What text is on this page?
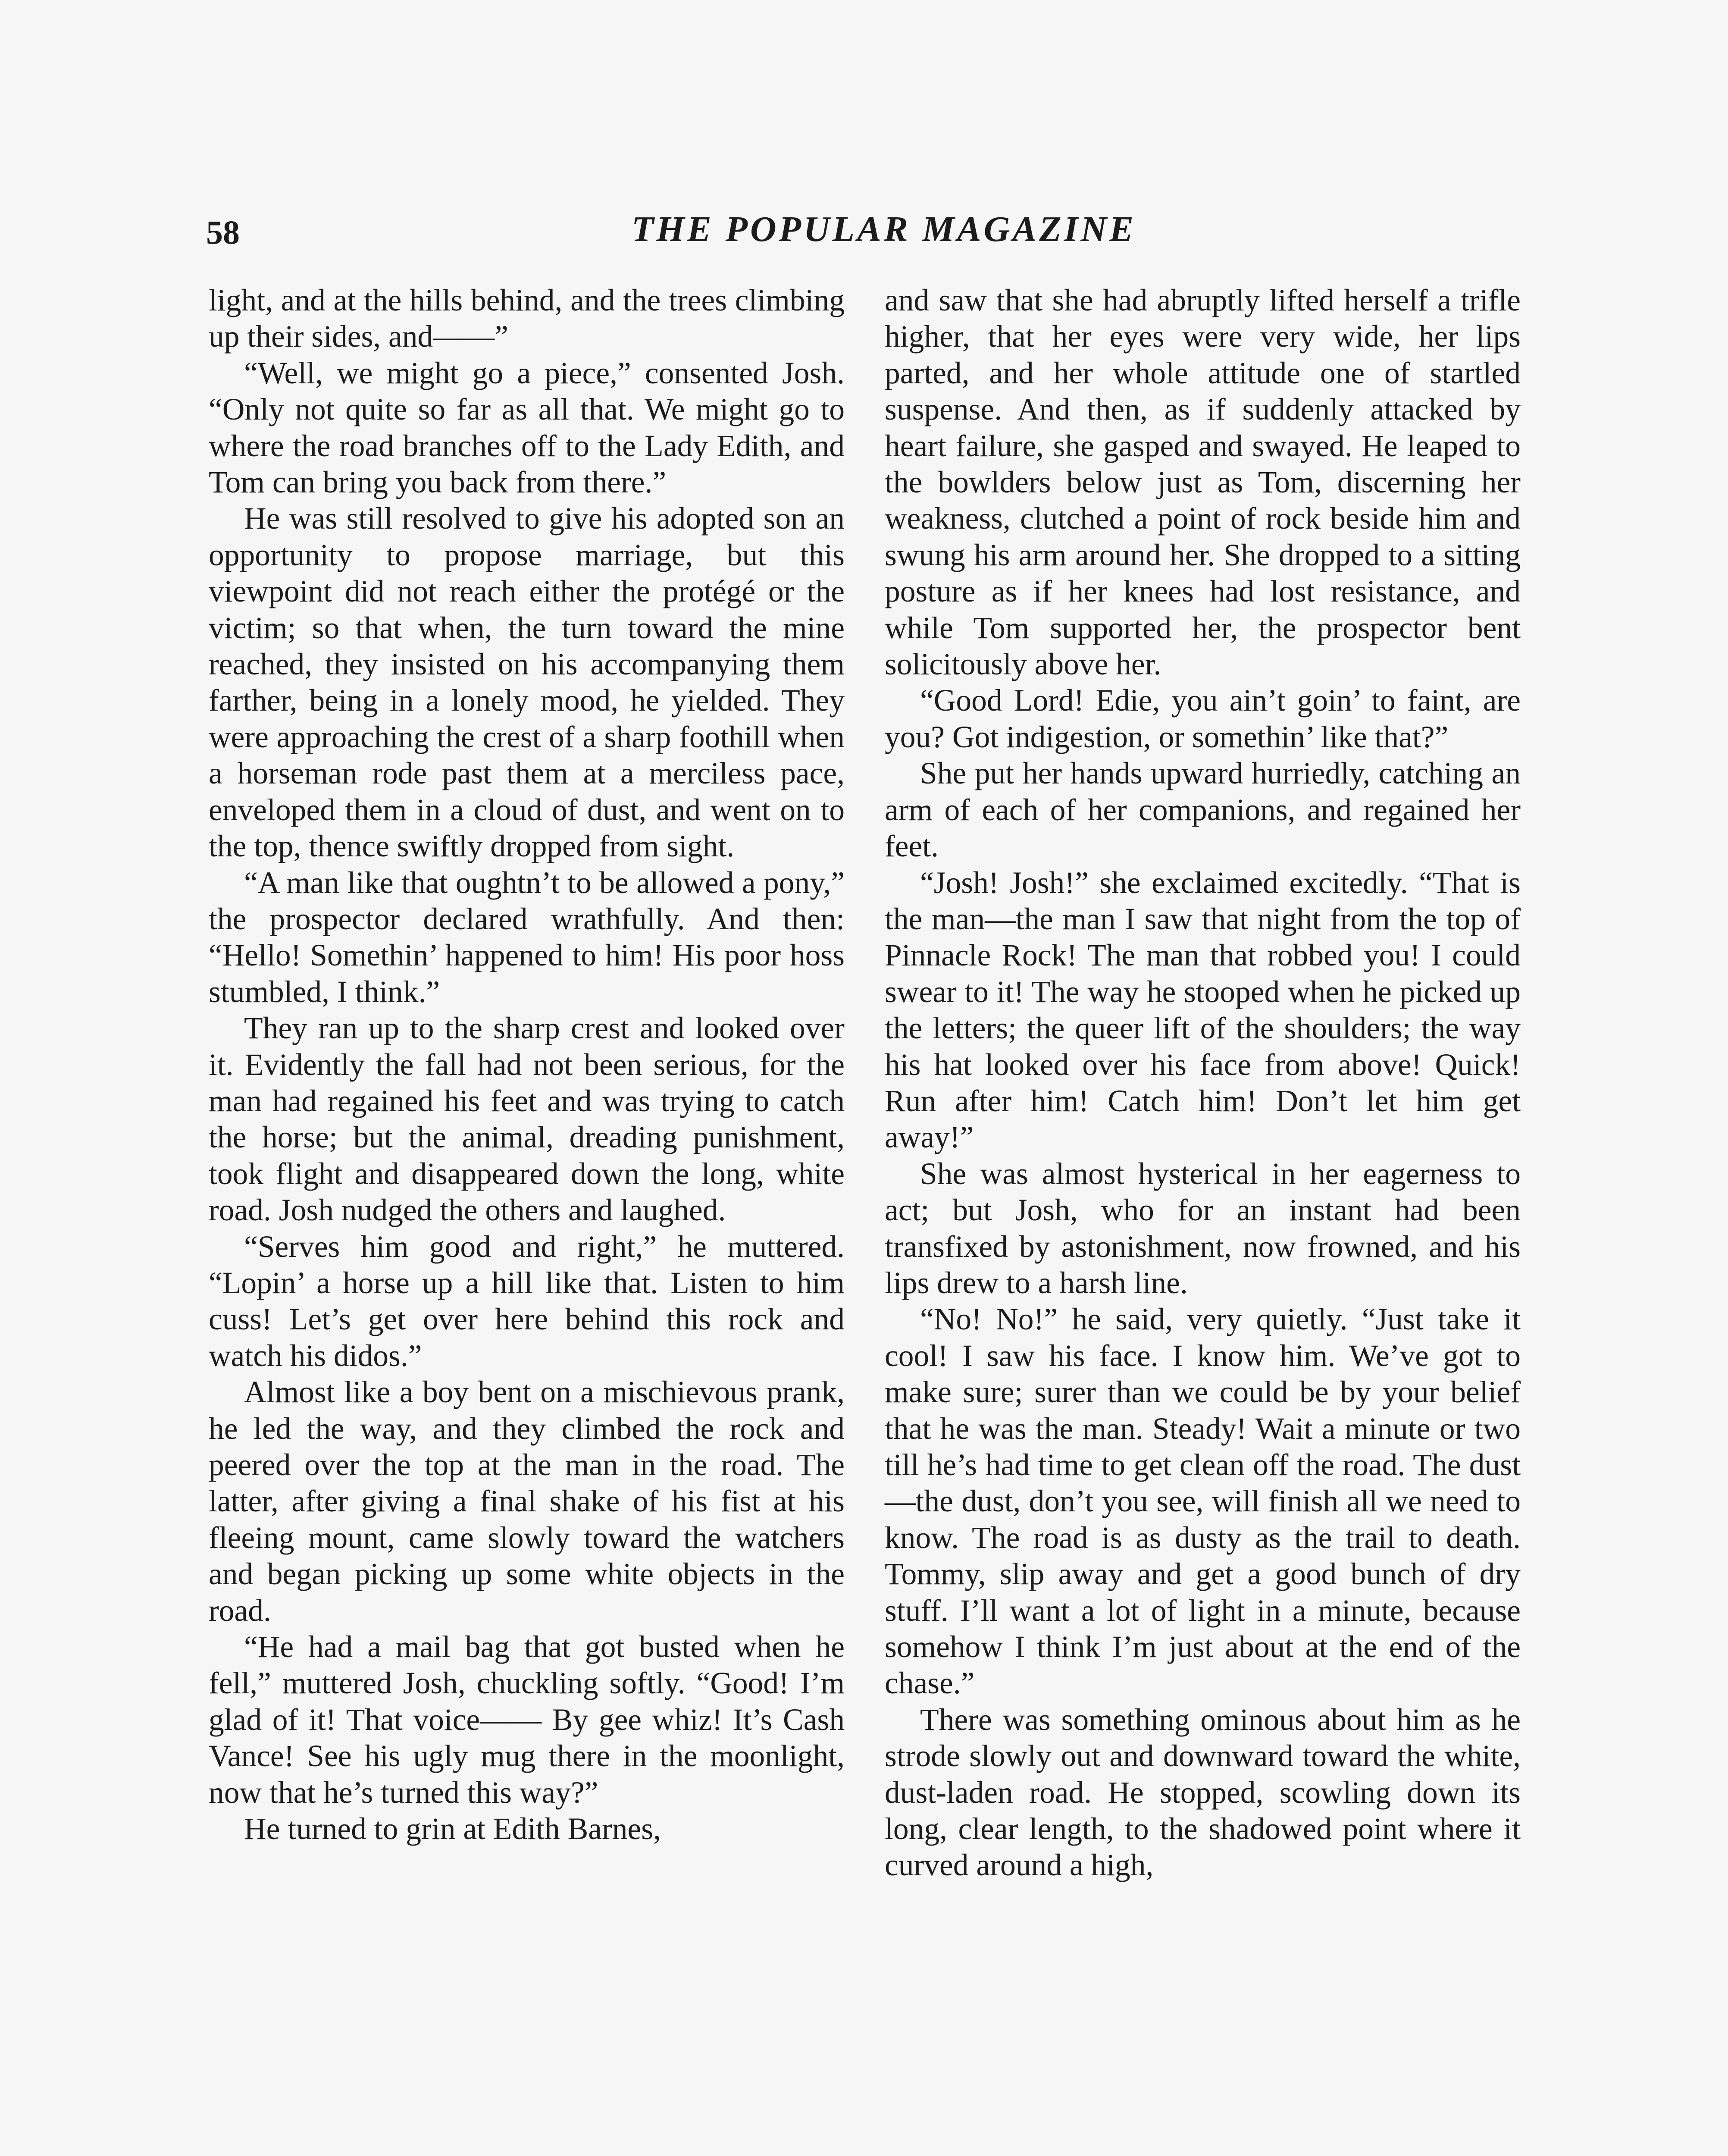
58	THE POPULAR MAGAZINE

light, and at the hills behind, and the trees climbing up their sides, and——”

“Well, we might go a piece,” consented Josh. “Only not quite so far as all that. We might go to where the road branches off to the Lady Edith, and Tom can bring you back from there.”

He was still resolved to give his adopted son an opportunity to propose marriage, but this viewpoint did not reach either the protégé or the victim; so that when, the turn toward the mine reached, they insisted on his accompanying them farther, being in a lonely mood, he yielded. They were approaching the crest of a sharp foothill when a horseman rode past them at a merciless pace, enveloped them in a cloud of dust, and went on to the top, thence swiftly dropped from sight.

“A man like that oughtn’t to be allowed a pony,” the prospector declared wrathfully. And then: “Hello! Somethin’ happened to him! His poor hoss stumbled, I think.”

They ran up to the sharp crest and looked over it. Evidently the fall had not been serious, for the man had regained his feet and was trying to catch the horse; but the animal, dreading punishment, took flight and disappeared down the long, white road. Josh nudged the others and laughed.

“Serves him good and right,” he muttered. “Lopin’ a horse up a hill like that. Listen to him cuss! Let’s get over here behind this rock and watch his didos.”

Almost like a boy bent on a mischievous prank, he led the way, and they climbed the rock and peered over the top at the man in the road. The latter, after giving a final shake of his fist at his fleeing mount, came slowly toward the watchers and began picking up some white objects in the road.

“He had a mail bag that got busted when he fell,” muttered Josh, chuckling softly. “Good! I’m glad of it! That voice—— By gee whiz! It’s Cash Vance! See his ugly mug there in the moonlight, now that he’s turned this way?”

He turned to grin at Edith Barnes,

and saw that she had abruptly lifted herself a trifle higher, that her eyes were very wide, her lips parted, and her whole attitude one of startled suspense. And then, as if suddenly attacked by heart failure, she gasped and swayed. He leaped to the bowlders below just as Tom, discerning her weakness, clutched a point of rock beside him and swung his arm around her. She dropped to a sitting posture as if her knees had lost resistance, and while Tom supported her, the prospector bent solicitously above her.

“Good Lord! Edie, you ain’t goin’ to faint, are you? Got indigestion, or somethin’ like that?”

She put her hands upward hurriedly, catching an arm of each of her companions, and regained her feet.

“Josh! Josh!” she exclaimed excitedly. “That is the man—the man I saw that night from the top of Pinnacle Rock! The man that robbed you! I could swear to it! The way he stooped when he picked up the letters; the queer lift of the shoulders; the way his hat looked over his face from above! Quick! Run after him! Catch him! Don’t let him get away!”

She was almost hysterical in her eagerness to act; but Josh, who for an instant had been transfixed by astonishment, now frowned, and his lips drew to a harsh line.

“No! No!” he said, very quietly. “Just take it cool! I saw his face. I know him. We’ve got to make sure; surer than we could be by your belief that he was the man. Steady! Wait a minute or two till he’s had time to get clean off the road. The dust—the dust, don’t you see, will finish all we need to know. The road is as dusty as the trail to death. Tommy, slip away and get a good bunch of dry stuff. I’ll want a lot of light in a minute, because somehow I think I’m just about at the end of the chase.”

There was something ominous about him as he strode slowly out and downward toward the white, dust-laden road. He stopped, scowling down its long, clear length, to the shadowed point where it curved around a high,
